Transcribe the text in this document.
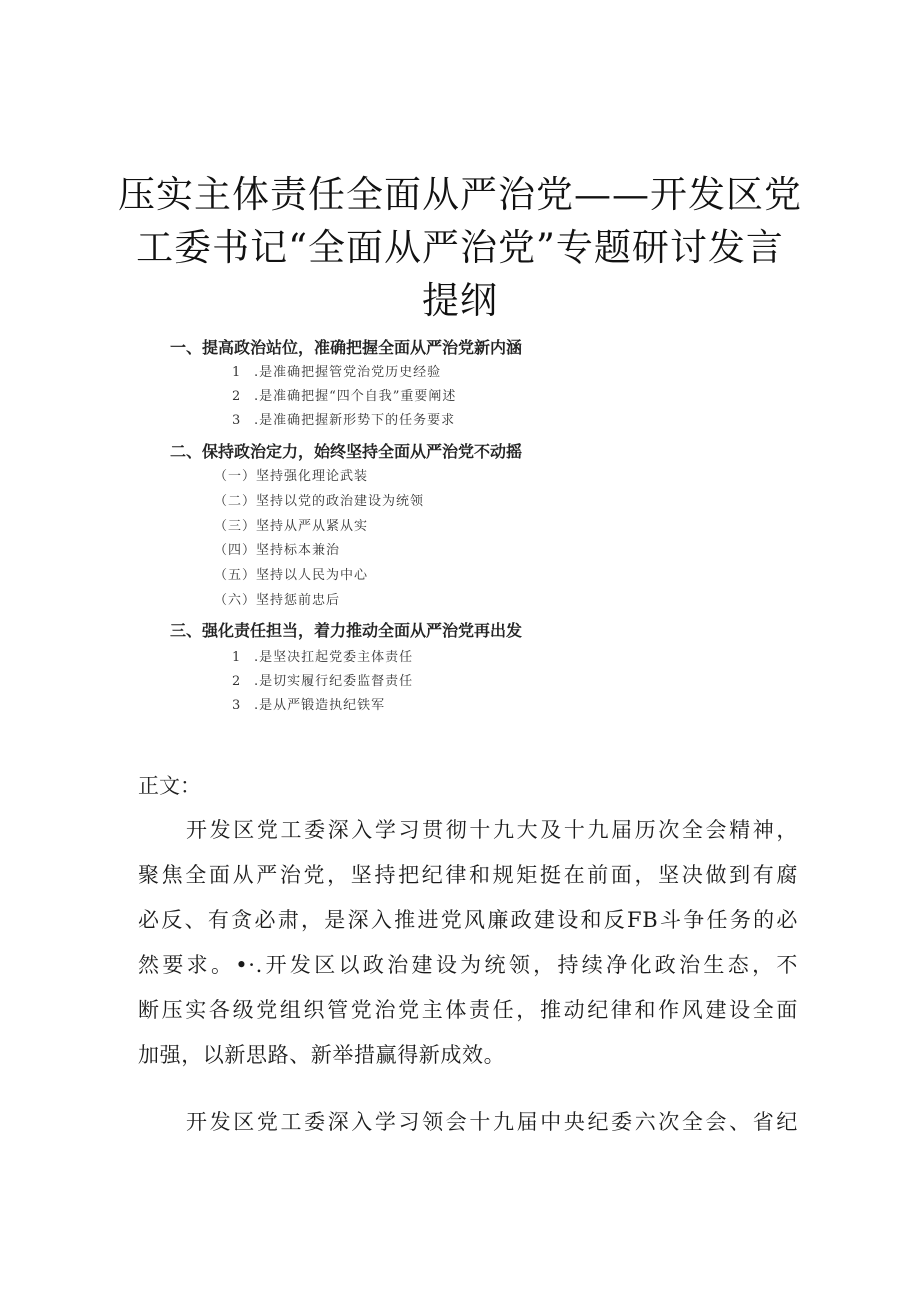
压实主体责任全面从严治党——开发区党
工委书记“全面从严治党”专题研讨发言
提纲
一、提高政治站位，准确把握全面从严治党新内涵
1 .是准确把握管党治党历史经验
2 .是准确把握“四个自我”重要阐述
3 .是准确把握新形势下的任务要求
二、保持政治定力，始终坚持全面从严治党不动摇
（一）坚持强化理论武装
（二）坚持以党的政治建设为统领
（三）坚持从严从紧从实
（四）坚持标本兼治
（五）坚持以人民为中心
（六）坚持惩前忠后
三、强化责任担当，着力推动全面从严治党再出发
1 .是坚决扛起党委主体责任
2 .是切实履行纪委监督责任
3 .是从严锻造执纪铁军
正文：
开发区党工委深入学习贯彻十九大及十九届历次全会精神，
聚焦全面从严治党，坚持把纪律和规矩挺在前面，坚决做到有腐
必反、有贪必肃，是深入推进党风廉政建设和反FB斗争任务的必
然要求。•·.开发区以政治建设为统领，持续净化政治生态，不
断压实各级党组织管党治党主体责任，推动纪律和作风建设全面
加强，以新思路、新举措赢得新成效。
开发区党工委深入学习领会十九届中央纪委六次全会、省纪
